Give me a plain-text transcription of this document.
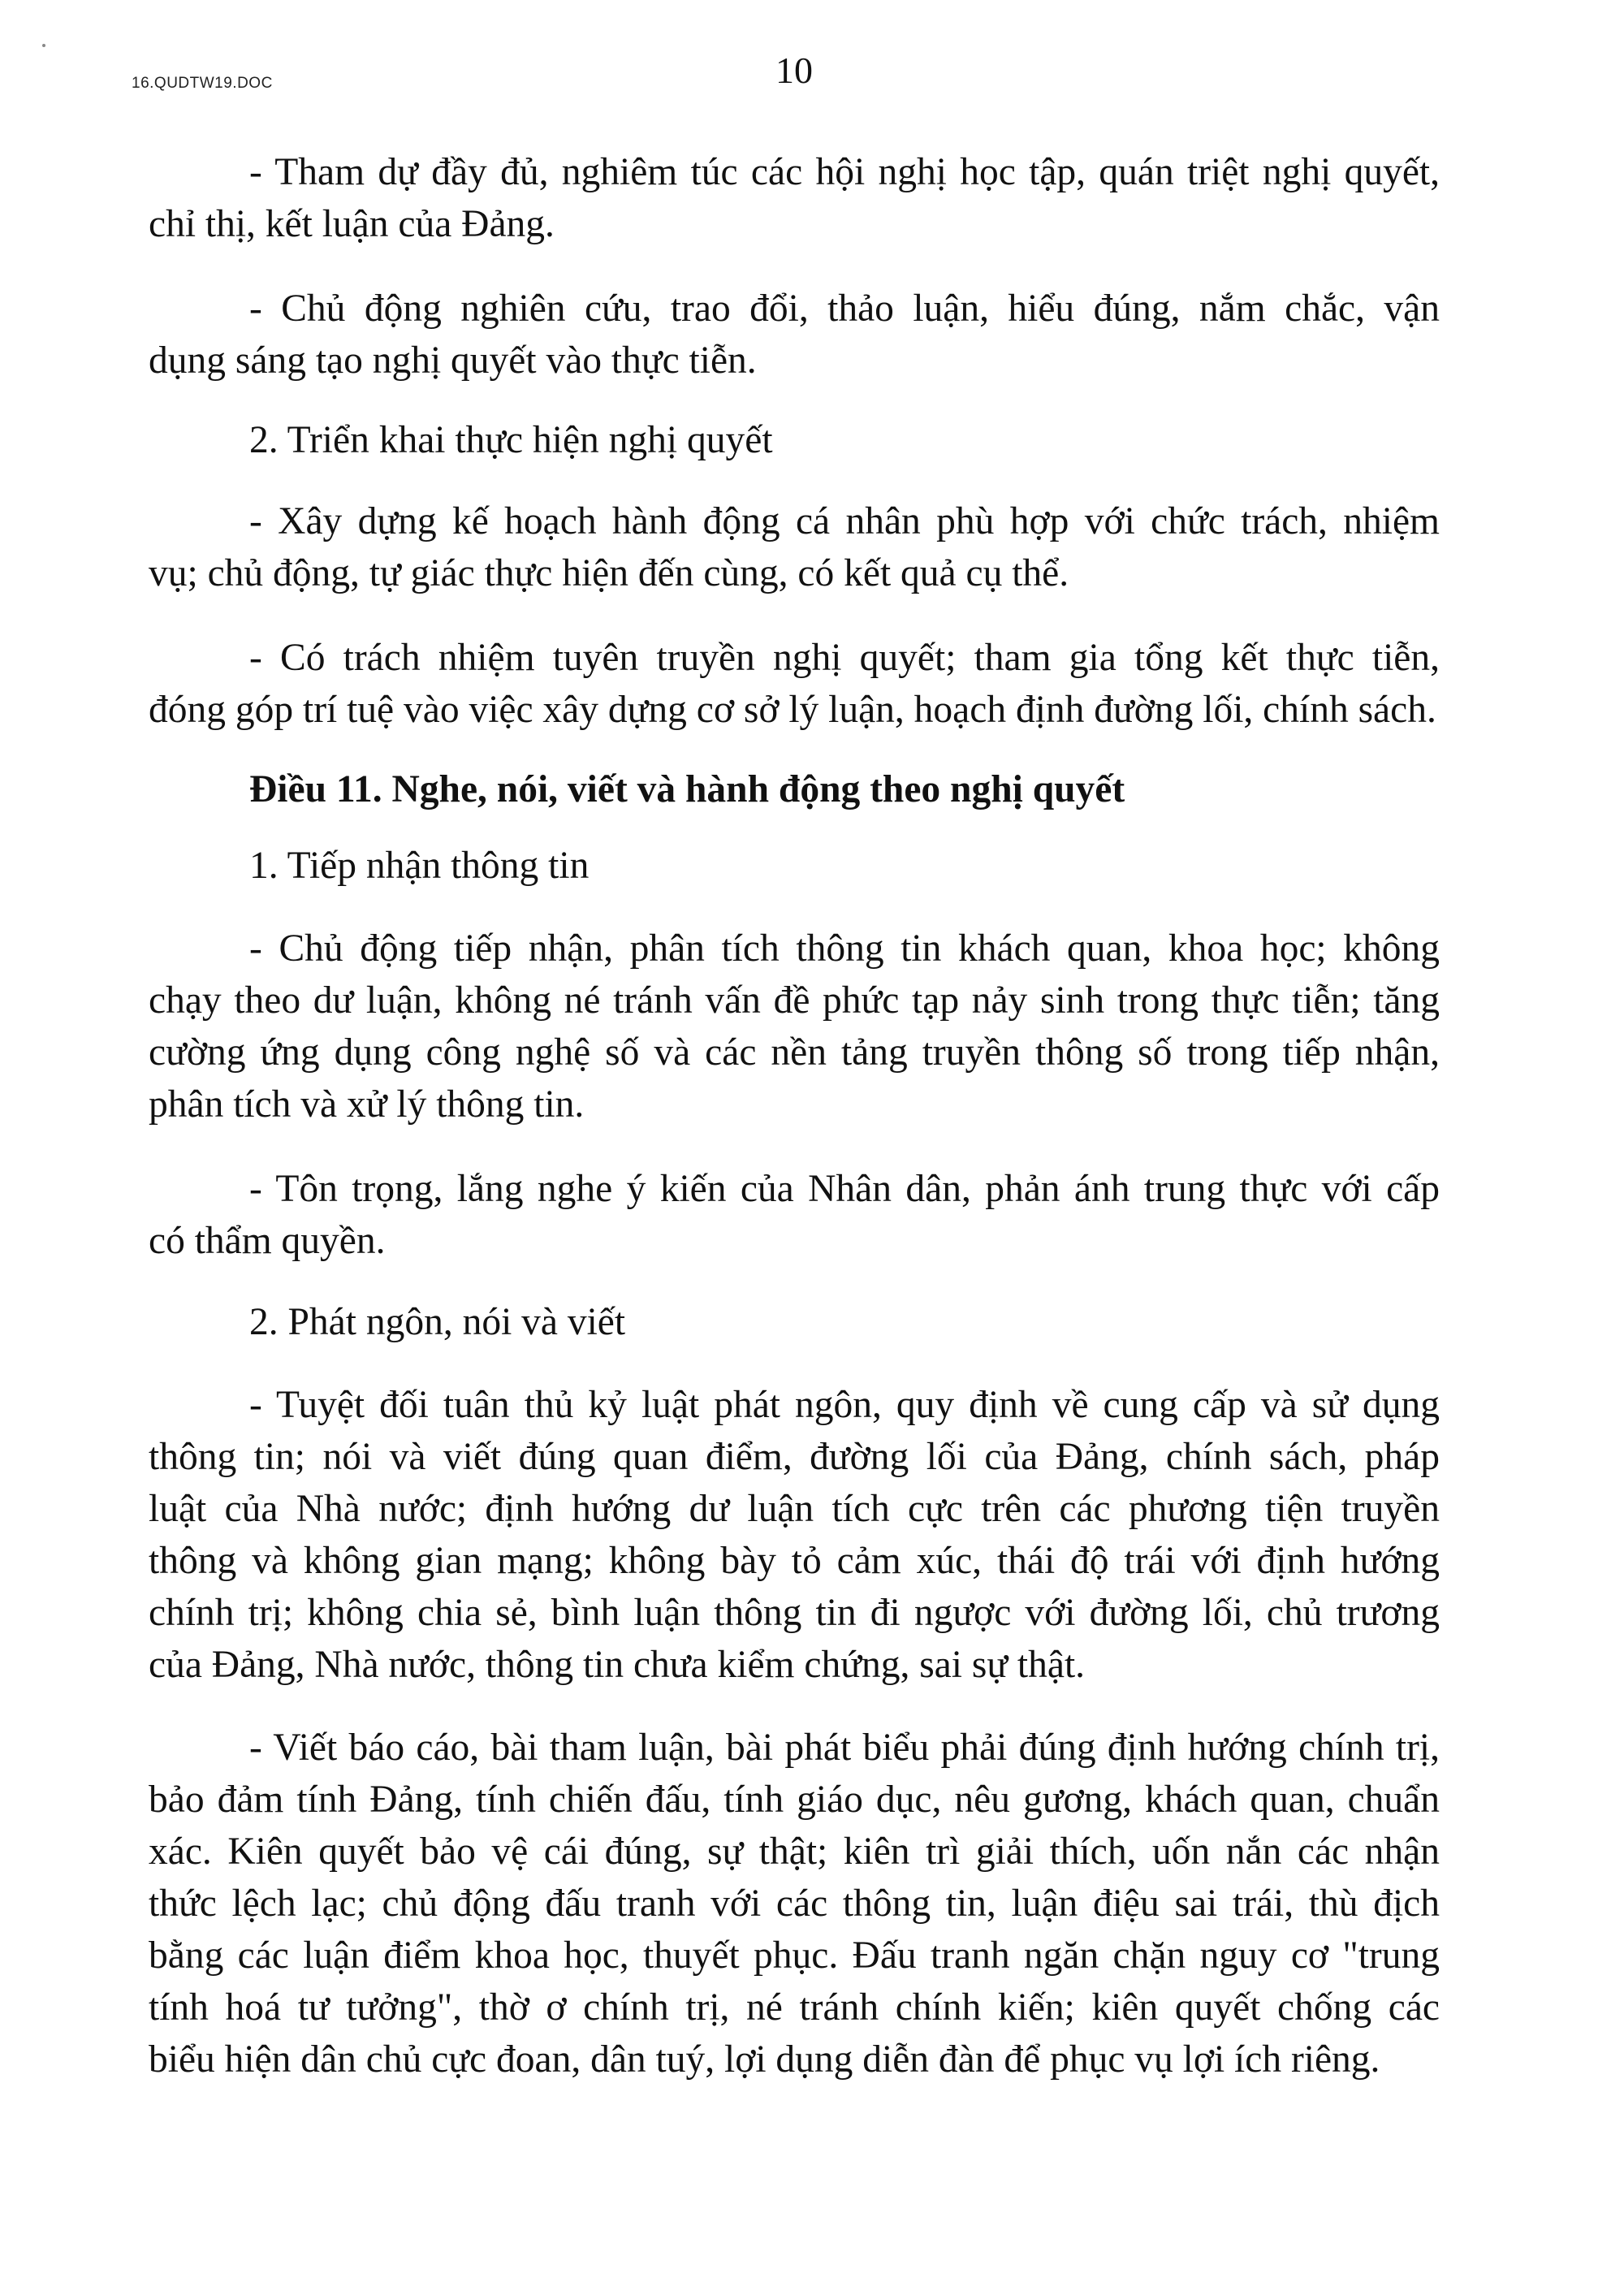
16.QUDTW19.DOC	10
- Tham dự đầy đủ, nghiêm túc các hội nghị học tập, quán triệt nghị quyết,
chỉ thị, kết luận của Đảng.
- Chủ động nghiên cứu, trao đổi, thảo luận, hiểu đúng, nắm chắc, vận
dụng sáng tạo nghị quyết vào thực tiễn.
2. Triển khai thực hiện nghị quyết
- Xây dựng kế hoạch hành động cá nhân phù hợp với chức trách, nhiệm
vụ; chủ động, tự giác thực hiện đến cùng, có kết quả cụ thể.
- Có trách nhiệm tuyên truyền nghị quyết; tham gia tổng kết thực tiễn,
đóng góp trí tuệ vào việc xây dựng cơ sở lý luận, hoạch định đường lối, chính sách.
Điều 11. Nghe, nói, viết và hành động theo nghị quyết
1. Tiếp nhận thông tin
- Chủ động tiếp nhận, phân tích thông tin khách quan, khoa học; không
chạy theo dư luận, không né tránh vấn đề phức tạp nảy sinh trong thực tiễn; tăng
cường ứng dụng công nghệ số và các nền tảng truyền thông số trong tiếp nhận,
phân tích và xử lý thông tin.
- Tôn trọng, lắng nghe ý kiến của Nhân dân, phản ánh trung thực với cấp
có thẩm quyền.
2. Phát ngôn, nói và viết
- Tuyệt đối tuân thủ kỷ luật phát ngôn, quy định về cung cấp và sử dụng
thông tin; nói và viết đúng quan điểm, đường lối của Đảng, chính sách, pháp
luật của Nhà nước; định hướng dư luận tích cực trên các phương tiện truyền
thông và không gian mạng; không bày tỏ cảm xúc, thái độ trái với định hướng
chính trị; không chia sẻ, bình luận thông tin đi ngược với đường lối, chủ trương
của Đảng, Nhà nước, thông tin chưa kiểm chứng, sai sự thật.
- Viết báo cáo, bài tham luận, bài phát biểu phải đúng định hướng chính trị,
bảo đảm tính Đảng, tính chiến đấu, tính giáo dục, nêu gương, khách quan, chuẩn
xác. Kiên quyết bảo vệ cái đúng, sự thật; kiên trì giải thích, uốn nắn các nhận
thức lệch lạc; chủ động đấu tranh với các thông tin, luận điệu sai trái, thù địch
bằng các luận điểm khoa học, thuyết phục. Đấu tranh ngăn chặn nguy cơ "trung
tính hoá tư tưởng", thờ ơ chính trị, né tránh chính kiến; kiên quyết chống các
biểu hiện dân chủ cực đoan, dân tuý, lợi dụng diễn đàn để phục vụ lợi ích riêng.
